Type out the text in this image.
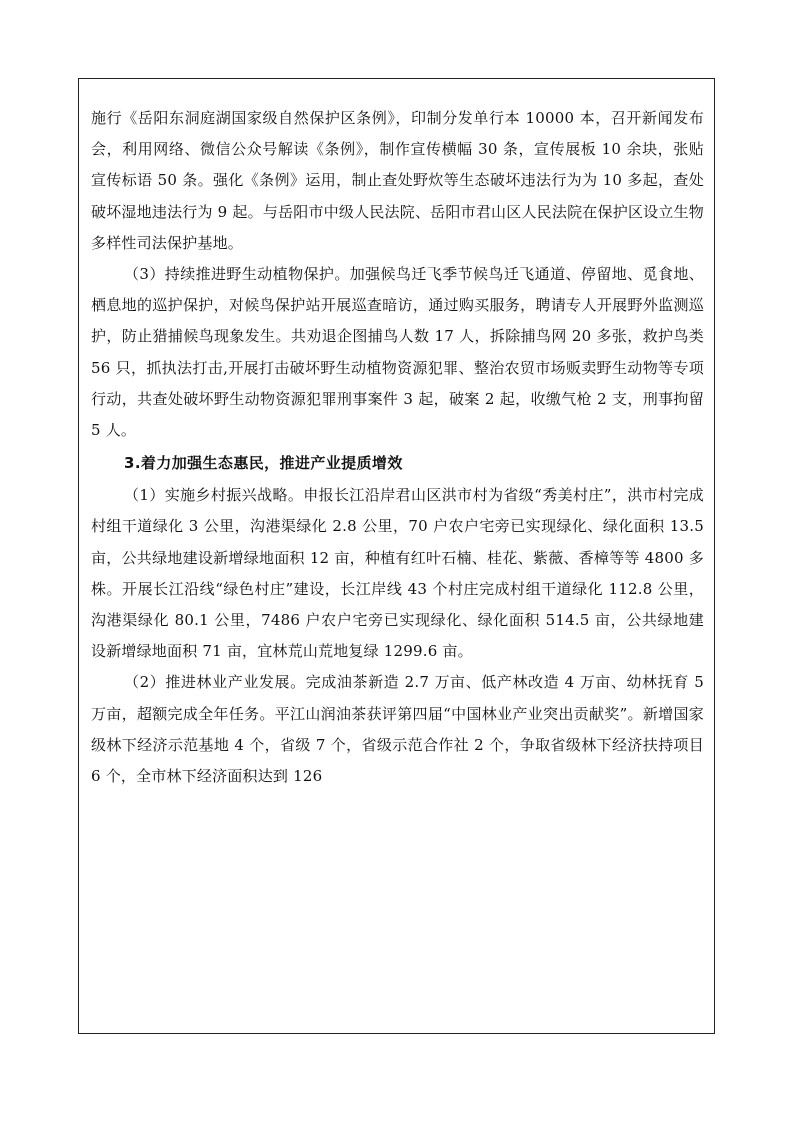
施行《岳阳东洞庭湖国家级自然保护区条例》，印制分发单行本 10000 本，召开新闻发布会，利用网络、微信公众号解读《条例》，制作宣传横幅 30 条，宣传展板 10 余块，张贴宣传标语 50 条。强化《条例》运用，制止查处野炊等生态破坏违法行为为 10 多起，查处破坏湿地违法行为 9 起。与岳阳市中级人民法院、岳阳市君山区人民法院在保护区设立生物多样性司法保护基地。

（3）持续推进野生动植物保护。加强候鸟迁飞季节候鸟迁飞通道、停留地、觅食地、栖息地的巡护保护，对候鸟保护站开展巡查暗访，通过购买服务，聘请专人开展野外监测巡护，防止猎捕候鸟现象发生。共劝退企图捕鸟人数 17 人，拆除捕鸟网 20 多张，救护鸟类 56 只，抓执法打击,开展打击破坏野生动植物资源犯罪、整治农贸市场贩卖野生动物等专项行动，共查处破坏野生动物资源犯罪刑事案件 3 起，破案 2 起，收缴气枪 2 支，刑事拘留 5 人。

3.着力加强生态惠民，推进产业提质增效

（1）实施乡村振兴战略。申报长江沿岸君山区洪市村为省级“秀美村庄”，洪市村完成村组干道绿化 3 公里，沟港渠绿化 2.8 公里，70 户农户宅旁已实现绿化、绿化面积 13.5 亩，公共绿地建设新增绿地面积 12 亩，种植有红叶石楠、桂花、紫薇、香樟等等 4800 多株。开展长江沿线“绿色村庄”建设，长江岸线 43 个村庄完成村组干道绿化 112.8 公里，沟港渠绿化 80.1 公里，7486 户农户宅旁已实现绿化、绿化面积 514.5 亩，公共绿地建设新增绿地面积 71 亩，宜林荒山荒地复绿 1299.6 亩。

（2）推进林业产业发展。完成油茶新造 2.7 万亩、低产林改造 4 万亩、幼林抚育 5 万亩，超额完成全年任务。平江山润油茶获评第四届“中国林业产业突出贡献奖”。新增国家级林下经济示范基地 4 个，省级 7 个，省级示范合作社 2 个，争取省级林下经济扶持项目 6 个，全市林下经济面积达到 126
